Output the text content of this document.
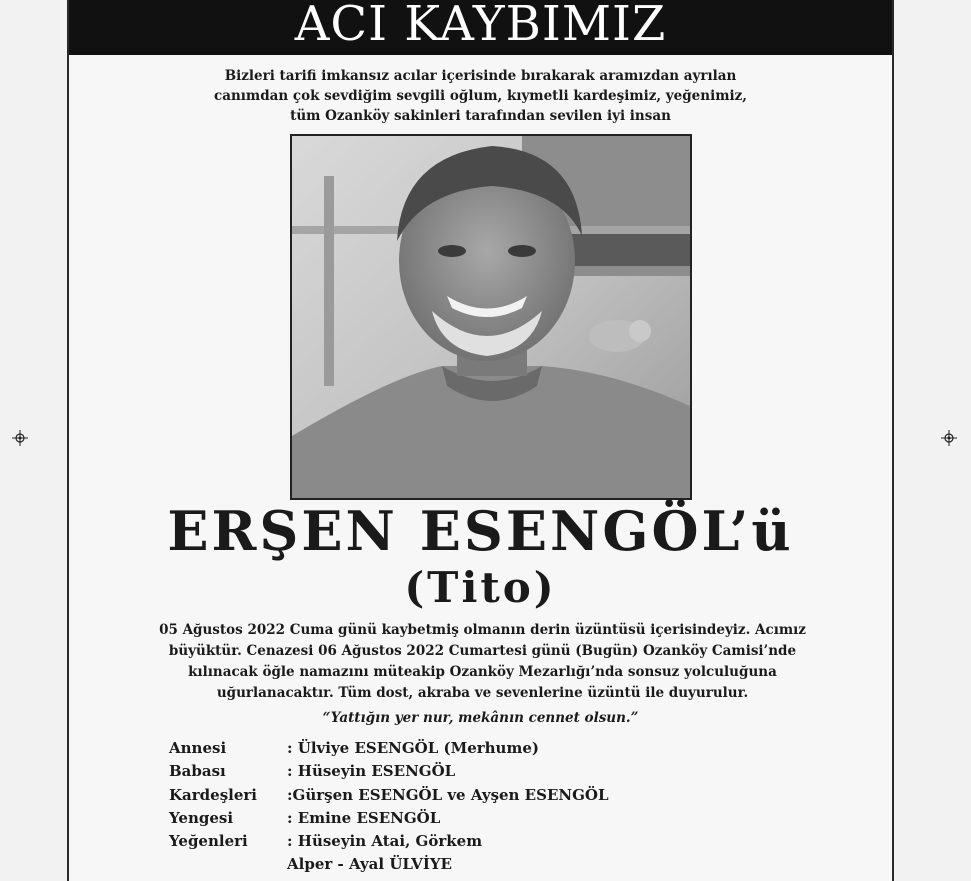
ACI KAYBIMIZ
Bizleri tarifi imkansız acılar içerisinde bırakarak aramızdan ayrılan
canımdan çok sevdiğim sevgili oğlum, kıymetli kardeşimiz, yeğenimiz,
tüm Ozanköy sakinleri tarafından sevilen iyi insan
ERŞEN ESENGÖL’ü
(Tito)
05 Ağustos 2022 Cuma günü kaybetmiş olmanın derin üzüntüsü içerisindeyiz. Acımız
büyüktür. Cenazesi 06 Ağustos 2022 Cumartesi günü (Bugün) Ozanköy Camisi’nde
kılınacak öğle namazını müteakip Ozanköy Mezarlığı’nda sonsuz yolculuğuna
uğurlanacaktır. Tüm dost, akraba ve sevenlerine üzüntü ile duyurulur.
“Yattığın yer nur, mekânın cennet olsun.”
Annesi	: Ülviye ESENGÖL (Merhume)
Babası	: Hüseyin ESENGÖL
Kardeşleri	:Gürşen ESENGÖL ve Ayşen ESENGÖL
Yengesi	: Emine ESENGÖL
Yeğenleri	: Hüseyin Atai, Görkem
Alper - Ayal ÜLVİYE
